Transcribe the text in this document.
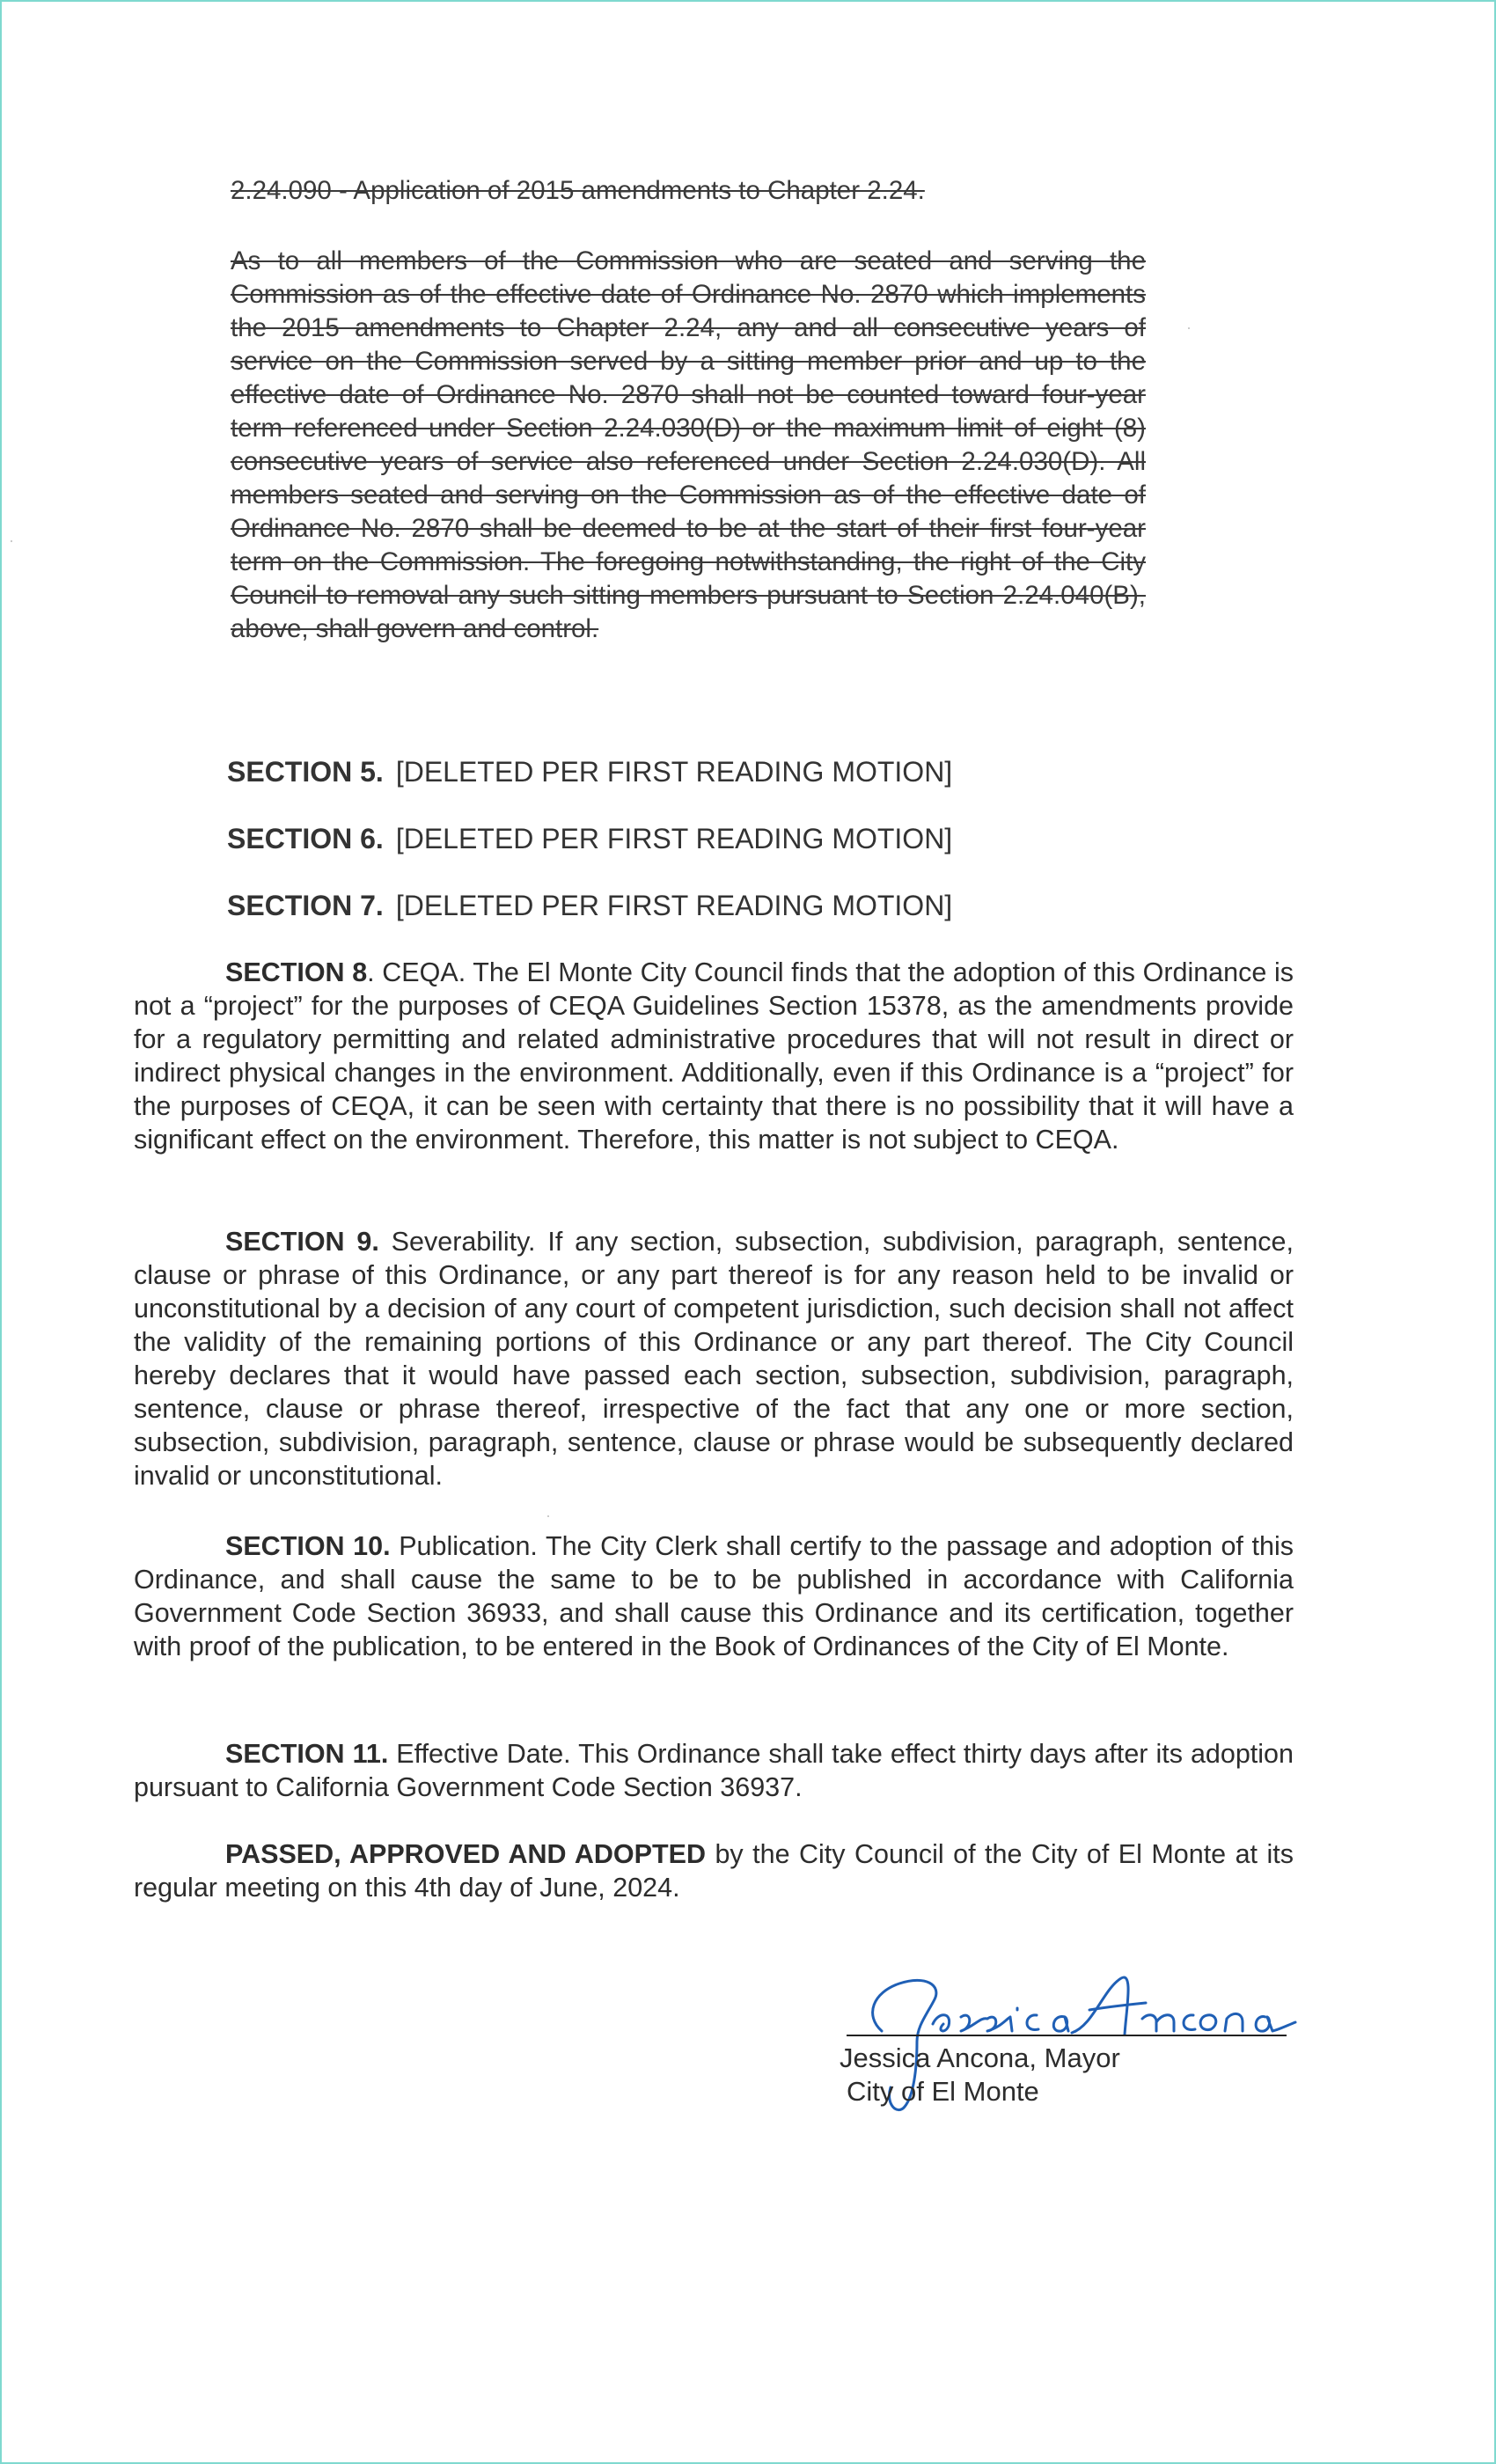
2.24.090 - Application of 2015 amendments to Chapter 2.24.
As to all members of the Commission who are seated and serving the Commission as of the effective date of Ordinance No. 2870 which implements the 2015 amendments to Chapter 2.24, any and all consecutive years of service on the Commission served by a sitting member prior and up to the effective date of Ordinance No. 2870 shall not be counted toward four-year term referenced under Section 2.24.030(D) or the maximum limit of eight (8) consecutive years of service also referenced under Section 2.24.030(D). All members seated and serving on the Commission as of the effective date of Ordinance No. 2870 shall be deemed to be at the start of their first four-year term on the Commission. The foregoing notwithstanding, the right of the City Council to removal any such sitting members pursuant to Section 2.24.040(B), above, shall govern and control.
SECTION 5. [DELETED PER FIRST READING MOTION]
SECTION 6. [DELETED PER FIRST READING MOTION]
SECTION 7. [DELETED PER FIRST READING MOTION]
SECTION 8. CEQA. The El Monte City Council finds that the adoption of this Ordinance is not a “project” for the purposes of CEQA Guidelines Section 15378, as the amendments provide for a regulatory permitting and related administrative procedures that will not result in direct or indirect physical changes in the environment. Additionally, even if this Ordinance is a “project” for the purposes of CEQA, it can be seen with certainty that there is no possibility that it will have a significant effect on the environment. Therefore, this matter is not subject to CEQA.
SECTION 9. Severability. If any section, subsection, subdivision, paragraph, sentence, clause or phrase of this Ordinance, or any part thereof is for any reason held to be invalid or unconstitutional by a decision of any court of competent jurisdiction, such decision shall not affect the validity of the remaining portions of this Ordinance or any part thereof. The City Council hereby declares that it would have passed each section, subsection, subdivision, paragraph, sentence, clause or phrase thereof, irrespective of the fact that any one or more section, subsection, subdivision, paragraph, sentence, clause or phrase would be subsequently declared invalid or unconstitutional.
SECTION 10. Publication. The City Clerk shall certify to the passage and adoption of this Ordinance, and shall cause the same to be to be published in accordance with California Government Code Section 36933, and shall cause this Ordinance and its certification, together with proof of the publication, to be entered in the Book of Ordinances of the City of El Monte.
SECTION 11. Effective Date. This Ordinance shall take effect thirty days after its adoption pursuant to California Government Code Section 36937.
PASSED, APPROVED AND ADOPTED by the City Council of the City of El Monte at its regular meeting on this 4th day of June, 2024.
Jessica Ancona, Mayor
City of El Monte
